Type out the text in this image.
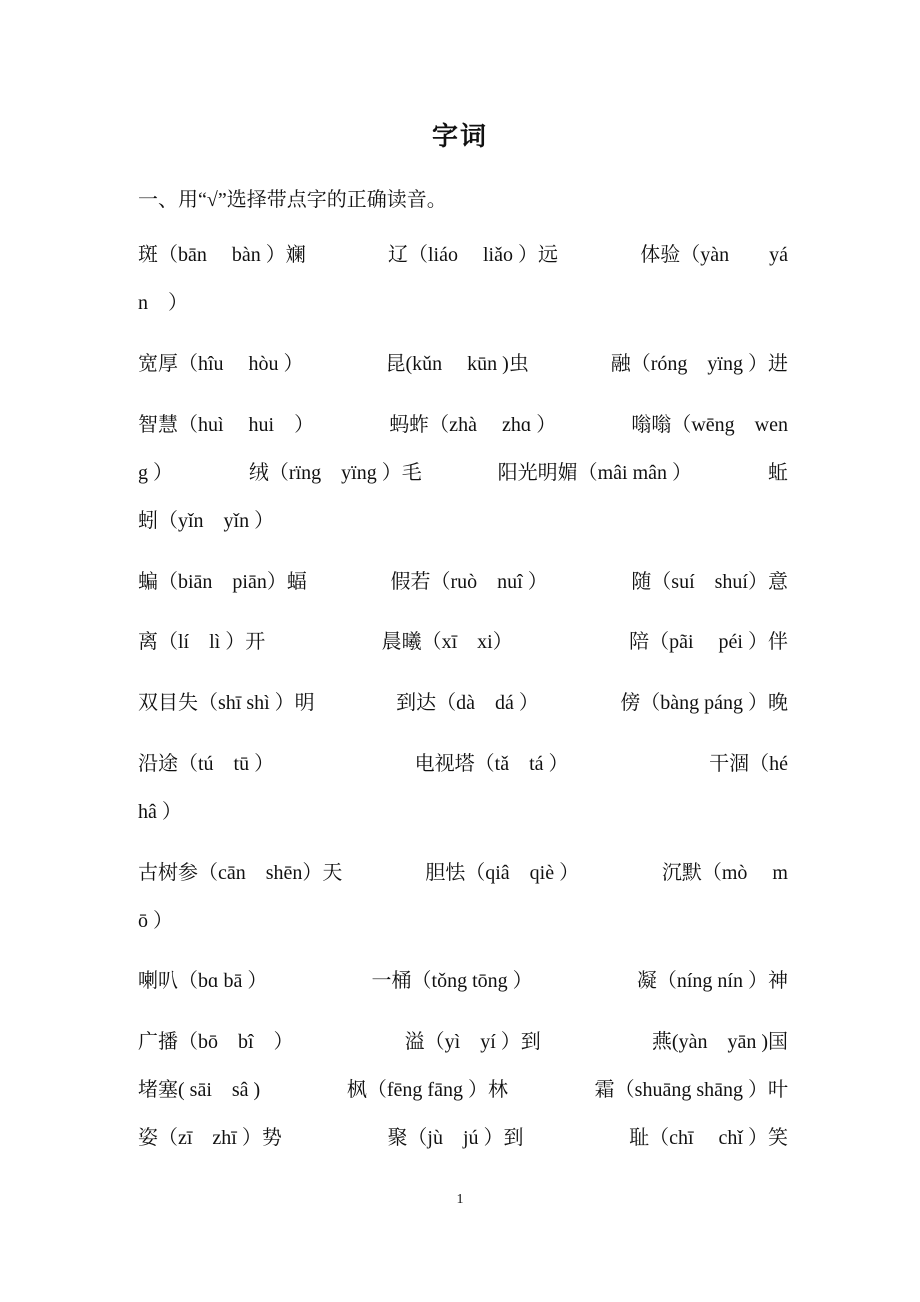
字词
一、用“√”选择带点字的正确读音。
斑（bān　 bàn ）斓	辽（liáo　 liǎo ）远	体验（yàn　　yá
n　）
宽厚（hîu　 hòu ）	昆(kǔn　 kūn )虫	融（róng　yïng ）进
智慧（huì　 hui　）	蚂蚱（zhà　 zhɑ ）	嗡嗡（wēng　wen
g ）	绒（rïng　yïng ）毛	阳光明媚（mâi mân ）	蚯
蚓（yǐn　yǐn ）
蝙（biān　piān）蝠	假若（ruò　nuî ）	随（suí　shuí）意
离（lí　lì ）开	晨曦（xī　xi）	陪（pãi　 péi ）伴
双目失（shī shì ）明	到达（dà　dá ）	傍（bàng páng ）晚
沿途（tú　tū ）	电视塔（tǎ　tá ）	干涸（hé
hâ ）
古树参（cān　shēn）天	胆怯（qiâ　qiè ）	沉默（mò　 m
ō ）
喇叭（bɑ bā ）	一桶（tǒng tōng ）	凝（níng nín ）神
广播（bō　bî　）	溢（yì　yí ）到	燕(yàn　yān )国
堵塞( sāi　sâ )	枫（fēng fāng ）林	霜（shuāng shāng ）叶
姿（zī　zhī ）势	聚（jù　jú ）到	耻（chī　 chǐ ）笑
1
